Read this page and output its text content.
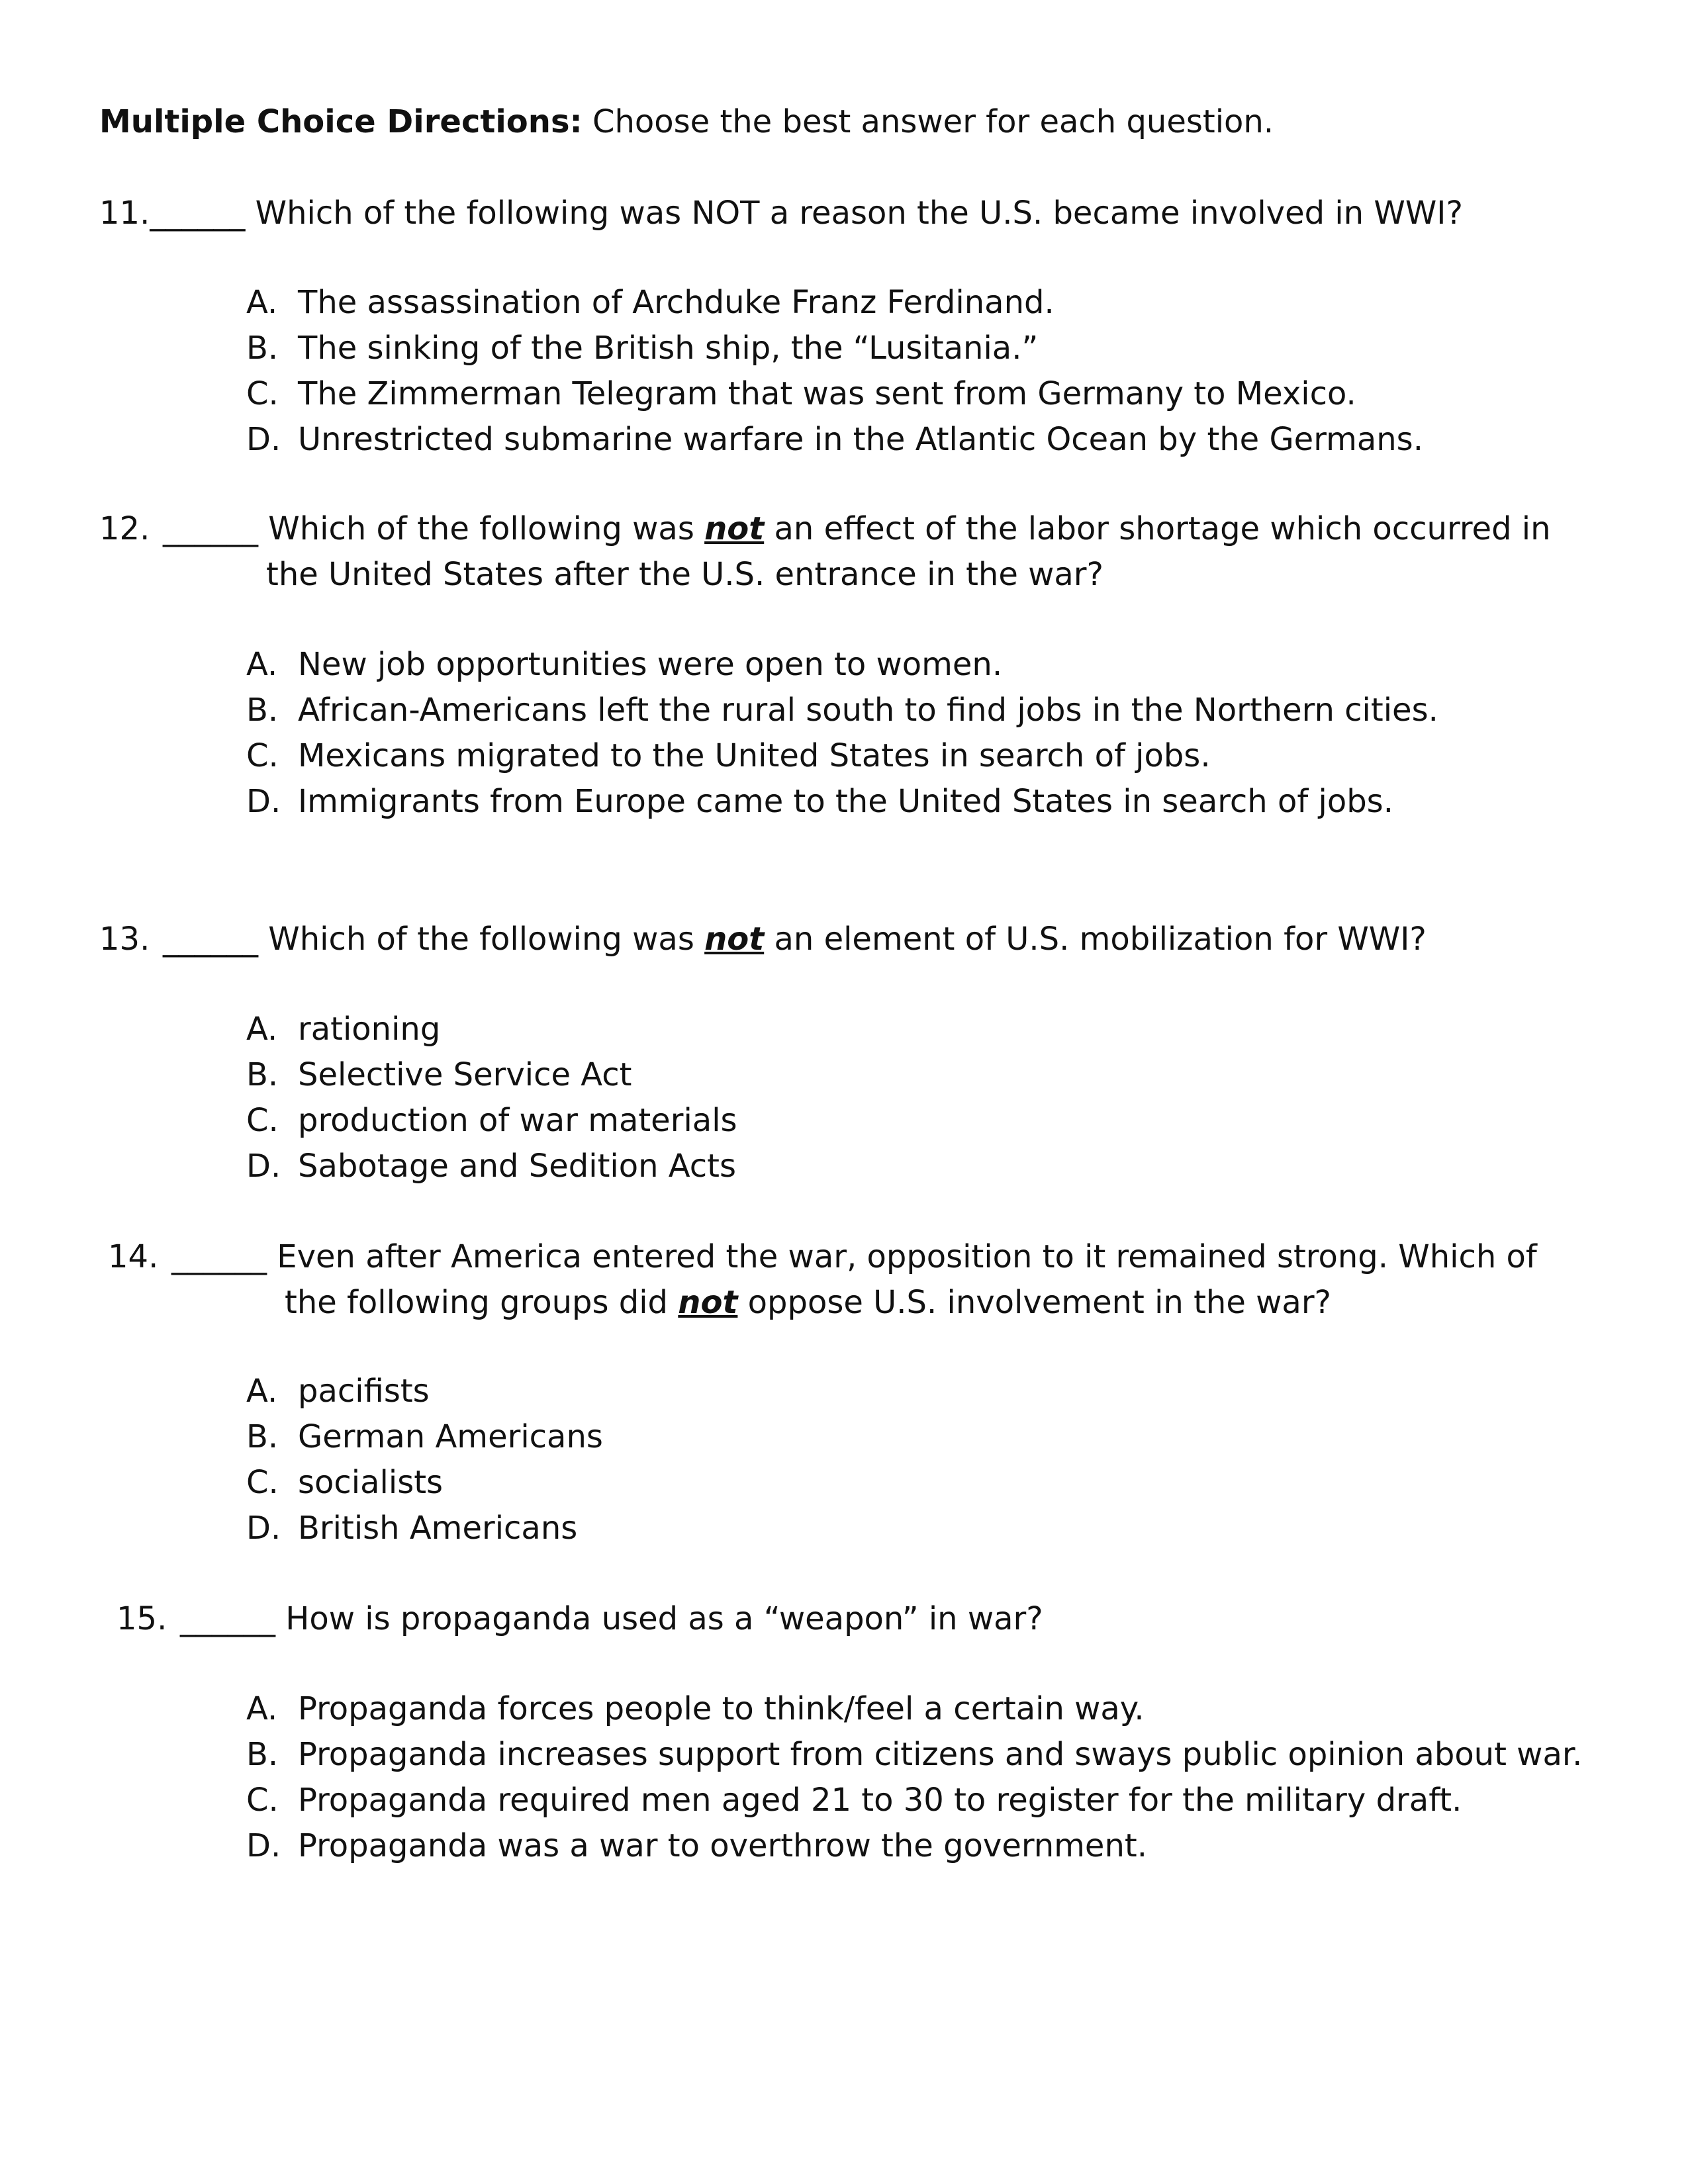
Multiple Choice Directions: Choose the best answer for each question.
11.______ Which of the following was NOT a reason the U.S. became involved in WWI?
A. The assassination of Archduke Franz Ferdinand.
B. The sinking of the British ship, the “Lusitania.”
C. The Zimmerman Telegram that was sent from Germany to Mexico.
D. Unrestricted submarine warfare in the Atlantic Ocean by the Germans.
12. ______ Which of the following was not an effect of the labor shortage which occurred in
the United States after the U.S. entrance in the war?
A. New job opportunities were open to women.
B. African-Americans left the rural south to find jobs in the Northern cities.
C. Mexicans migrated to the United States in search of jobs.
D. Immigrants from Europe came to the United States in search of jobs.
13. ______ Which of the following was not an element of U.S. mobilization for WWI?
A. rationing
B. Selective Service Act
C. production of war materials
D. Sabotage and Sedition Acts
14. ______ Even after America entered the war, opposition to it remained strong. Which of
the following groups did not oppose U.S. involvement in the war?
A. pacifists
B. German Americans
C. socialists
D. British Americans
15. ______ How is propaganda used as a “weapon” in war?
A. Propaganda forces people to think/feel a certain way.
B. Propaganda increases support from citizens and sways public opinion about war.
C. Propaganda required men aged 21 to 30 to register for the military draft.
D. Propaganda was a war to overthrow the government.
